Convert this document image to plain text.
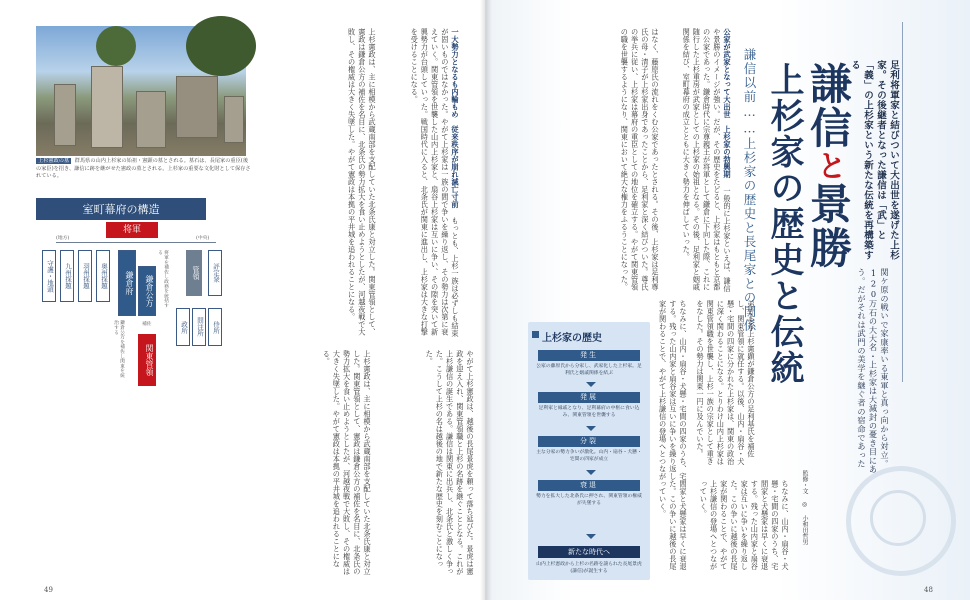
上杉憲政の墓 群馬県の山内上杉家の始祖・憲顕の墓とされる。墓石は、長尾家の重臣(後の家臣)を招き、謙信に跡を継がせた憲政の墓とされる。上杉家の重要な文化財として保存されている。	一大勢力となるも内輪もめ　従来秩序が崩れ滅亡寸前 もっとも、上杉一族は必ずしも結束が固いものではなかった。やがて上杉家は一族の間で争いを繰り返し、その勢力は次第に衰えていく。関東管領を世襲した山内上杉家と、扇谷上杉家は互いに争い、その隙を突いて新興勢力が台頭していった。戦国時代に入ると、北条氏が関東に進出し、上杉家は大きな打撃を受けることになる。
上杉憲政は、主に相模から武蔵南部を支配していた北条氏康と対立した。関東管領として、憲政は鎌倉公方の補佐を名目に、北条氏の勢力拡大を食い止めようとしたが、河越夜戦で大敗し、その権威は大きく失墜した。やがて憲政は本拠の平井城を追われることになる。
やがて上杉憲政は、越後の長尾景虎を頼って落ち延びた。景虎は憲政を迎え入れ、関東管領職と上杉の名跡を継ぐこととなる。これが上杉謙信の誕生である。謙信は関東に出兵し、北条氏と激しく争った。こうして上杉の名は越後の地で新たな歴史を刻むことになった。
上杉憲政は、主に相模から武蔵南部を支配していた北条氏康と対立した。関東管領として、憲政は鎌倉公方の補佐を名目に、北条氏の勢力拡大を食い止めようとしたが、河越夜戦で大敗し、その権威は大きく失墜した。やがて憲政は本拠の平井城を追われることになる。
室町幕府の構造
将軍
(地方)	(中央)
守護・地頭	九州探題	羽州探題	奥州探題	鎌倉府	鎌倉公方
補佐
関東管領
管領
政所	問注所	侍所
評定衆
将軍を補佐し政務を統括する
鎌倉公方を補佐し関東を統治する
49
足利将軍家と結びついて大出世を遂げた上杉家。その後継者となった謙信は「武」と「義」の上杉家という新たな伝統を再構築する
謙信と景勝
上杉家の歴史と伝統
謙信以前……上杉家の歴史と長尾家との関係
関ケ原の戦いで家康率いる東軍と真っ向から対立。120万石の大大名・上杉家は大減封の憂き目にあう。だがそれは武門の美学を継ぐ者の宿命であった
監修・文 ◎ 小和田哲男
公家が武家となって大出世　上杉家の勃興期 一般的に上杉家といえば、謙信や景勝のイメージが強い。だが、その歴史をたどると、上杉家はもともと京都の公家であった。鎌倉時代に宗尊親王が将軍として鎌倉に下向した際、これに随行した上杉重房が武家としての上杉家の始祖となる。その後、足利家と姻戚関係を結び、室町幕府の成立とともに大きく勢力を伸ばしていった。
はなく、藤原氏の流れをくむ公家であったとされる。その後、上杉家は足利尊氏の母・清子が上杉家出身であったことから、足利家と深く結びついた。尊氏の挙兵に従い、上杉家は幕府の重臣としての地位を確立する。やがて関東管領の職を世襲するようになり、関東において絶大な権力をふるうことになった。
弟である上杉憲顕が鎌倉公方の足利基氏を補佐し、関東管領に就任する。以後、山内・扇谷・犬懸・宅間の四家に分かれた上杉家は、関東の政治に深く関わることになる。とりわけ山内上杉家は関東管領職を世襲し、上杉一族の宗家として重きをなした。その勢力は関東一円に及んでいた。
ちなみに、山内・扇谷・犬懸・宅間の四家のうち、宅間家と犬懸家は早くに衰退する。残った山内家と扇谷家は互いに争いを繰り返した。この争いに越後の長尾家が関わることで、やがて上杉謙信の登場へとつながっていく。
ちなみに、山内・扇谷・犬懸・宅間の四家のうち、宅間家と犬懸家は早くに衰退する。残った山内家と扇谷家は互いに争いを繰り返した。この争いに越後の長尾家が関わることで、やがて上杉謙信の登場へとつながっていく。
上杉家の歴史
発生
公家の藤原氏から分家し、武家化した上杉家。足利氏と姻戚関係を結ぶ
発展
足利家と縁戚となり、足利幕府の中枢に食い込み、関東管領を世襲する
分裂
主な分家の勢力争いが激化。山内・扇谷・犬懸・宅間の四家が成立
衰退
勢力を拡大した北条氏に押され、関東管領の権威が失墜する
新たな時代へ
山内上杉憲政から上杉の名跡を譲られた長尾景虎(謙信)が誕生する
48
